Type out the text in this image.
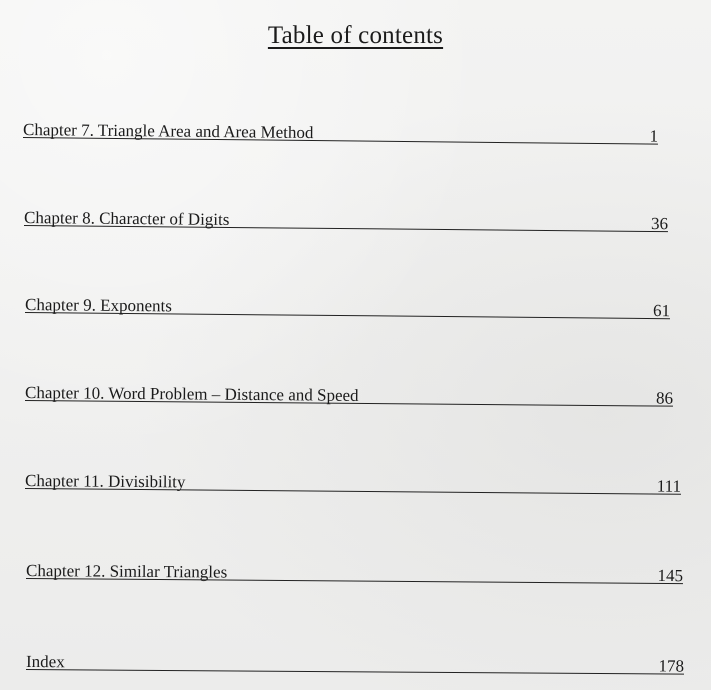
Table of contents
Chapter 7. Triangle Area and Area Method	1
Chapter 8. Character of Digits	36
Chapter 9. Exponents	61
Chapter 10. Word Problem – Distance and Speed	86
Chapter 11. Divisibility	111
Chapter 12. Similar Triangles	145
Index	178
